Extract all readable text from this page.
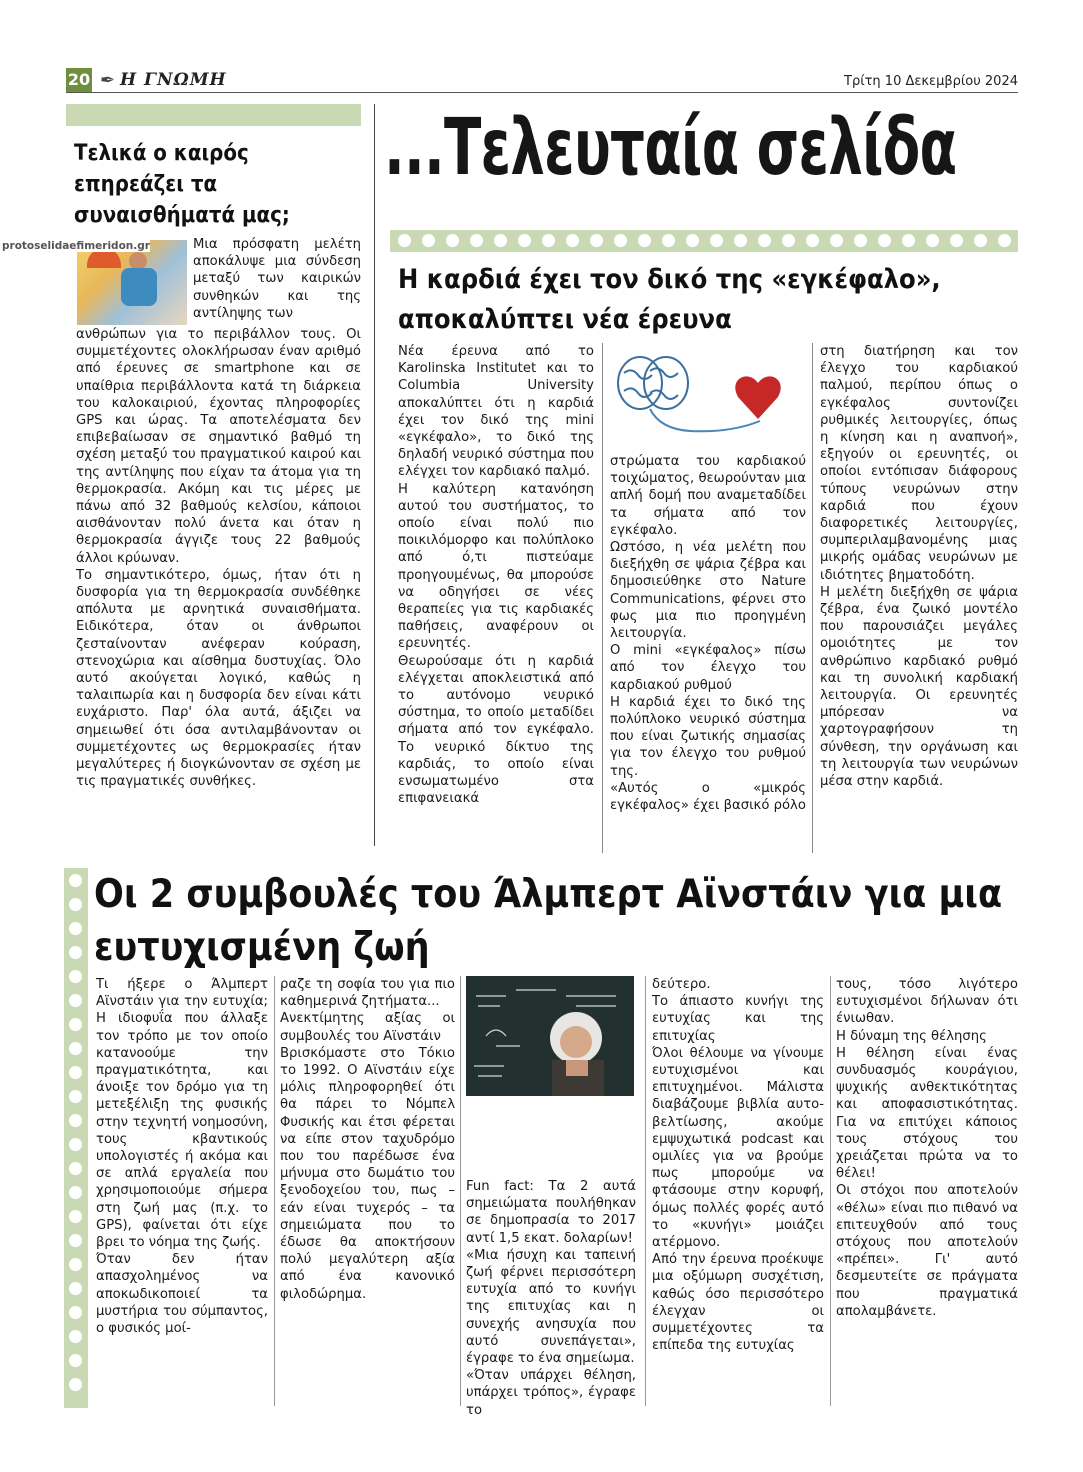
20 ✒ Η ΓΝΩΜΗ	Τρίτη 10 Δεκεμβρίου 2024
Τελικά ο καιρός επηρεάζει τα συναισθήματά μας;
protoselidaefimeridon.gr	Μια πρόσφατη μελέτη αποκάλυψε μια σύνδεση μεταξύ των καιρικών συνθηκών και της αντίληψης των

ανθρώπων για το περιβάλλον τους. Οι συμμετέχοντες ολοκλήρωσαν έναν αριθμό από έρευνες σε smartphone και σε υπαίθρια περιβάλλοντα κατά τη διάρκεια του καλοκαιριού, έχοντας πληροφορίες GPS και ώρας. Τα αποτελέσματα δεν επιβεβαίωσαν σε σημαντικό βαθμό τη σχέση μεταξύ του πραγματικού καιρού και της αντίληψης που είχαν τα άτομα για τη θερμοκρασία. Ακόμη και τις μέρες με πάνω από 32 βαθμούς κελσίου, κάποιοι αισθάνονταν πολύ άνετα και όταν η θερμοκρασία άγγιζε τους 22 βαθμούς άλλοι κρύωναν.

Το σημαντικότερο, όμως, ήταν ότι η δυσφορία για τη θερμοκρασία συνδέθηκε απόλυτα με αρνητικά συναισθήματα. Ειδικότερα, όταν οι άνθρωποι ζεσταίνονταν ανέφεραν κούραση, στενοχώρια και αίσθημα δυστυχίας. Όλο αυτό ακούγεται λογικό, καθώς η ταλαιπωρία και η δυσφορία δεν είναι κάτι ευχάριστο. Παρ' όλα αυτά, άξιζει να σημειωθεί ότι όσα αντιλαμβάνονταν οι συμμετέχοντες ως θερμοκρασίες ήταν μεγαλύτερες ή διογκώνονταν σε σχέση με τις πραγματικές συνθήκες.

...Τελευταία σελίδα
Η καρδιά έχει τον δικό της «εγκέφαλο», αποκαλύπτει νέα έρευνα

Νέα έρευνα από το Karolinska Institutet και το Columbia University αποκαλύπτει ότι η καρδιά έχει τον δικό της mini «εγκέφαλο», το δικό της δηλαδή νευρικό σύστημα που ελέγχει τον καρδιακό παλμό.

Η καλύτερη κατανόηση αυτού του συστήματος, το οποίο είναι πολύ πιο ποικιλόμορφο και πολύπλοκο από ό,τι πιστεύαμε προηγουμένως, θα μπορούσε να οδηγήσει σε νέες θεραπείες για τις καρδιακές παθήσεις, αναφέρουν οι ερευνητές.

Θεωρούσαμε ότι η καρδιά ελέγχεται αποκλειστικά από το αυτόνομο νευρικό σύστημα, το οποίο μεταδίδει σήματα από τον εγκέφαλο. Το νευρικό δίκτυο της καρδιάς, το οποίο είναι ενσωματωμένο στα επιφανειακά

στρώματα του καρδιακού τοιχώματος, θεωρούνταν μια απλή δομή που αναμεταδίδει τα σήματα από τον εγκέφαλο.

Ωστόσο, η νέα μελέτη που διεξήχθη σε ψάρια ζέβρα και δημοσιεύθηκε στο Nature Communications, φέρνει στο φως μια πιο προηγμένη λειτουργία.

Ο mini «εγκέφαλος» πίσω από τον έλεγχο του καρδιακού ρυθμού

Η καρδιά έχει το δικό της πολύπλοκο νευρικό σύστημα που είναι ζωτικής σημασίας για τον έλεγχο του ρυθμού της.

«Αυτός ο «μικρός εγκέφαλος» έχει βασικό ρόλο

στη διατήρηση και τον έλεγχο του καρδιακού παλμού, περίπου όπως ο εγκέφαλος συντονίζει ρυθμικές λειτουργίες, όπως η κίνηση και η αναπνοή», εξηγούν οι ερευνητές, οι οποίοι εντόπισαν διάφορους τύπους νευρώνων στην καρδιά που έχουν διαφορετικές λειτουργίες, συμπεριλαμβανομένης μιας μικρής ομάδας νευρώνων με ιδιότητες βηματοδότη.

Η μελέτη διεξήχθη σε ψάρια ζέβρα, ένα ζωικό μοντέλο που παρουσιάζει μεγάλες ομοιότητες με τον ανθρώπινο καρδιακό ρυθμό και τη συνολική καρδιακή λειτουργία. Οι ερευνητές μπόρεσαν να χαρτογραφήσουν τη σύνθεση, την οργάνωση και τη λειτουργία των νευρώνων μέσα στην καρδιά.

Οι 2 συμβουλές του Άλμπερτ Αϊνστάιν για μια ευτυχισμένη ζωή

Τι ήξερε ο Άλμπερτ Αϊνστάιν για την ευτυχία; Η ιδιοφυΐα που άλλαξε τον τρόπο με τον οποίο κατανοούμε την πραγματικότητα, και άνοιξε τον δρόμο για τη μετεξέλιξη της φυσικής στην τεχνητή νοημοσύνη, τους κβαντικούς υπολογιστές ή ακόμα και σε απλά εργαλεία που χρησιμοποιούμε σήμερα στη ζωή μας (π.χ. το GPS), φαίνεται ότι είχε βρει το νόημα της ζωής.

Όταν δεν ήταν απασχολημένος να αποκωδικοποιεί τα μυστήρια του σύμπαντος, ο φυσικός μοί-

ραζε τη σοφία του για πιο καθημερινά ζητήματα...

Ανεκτίμητης αξίας οι συμβουλές του Αϊνστάιν

Βρισκόμαστε στο Τόκιο το 1992. Ο Αϊνστάιν είχε μόλις πληροφορηθεί ότι θα πάρει το Νόμπελ Φυσικής και έτσι φέρεται να είπε στον ταχυδρόμο που του παρέδωσε ένα μήνυμα στο δωμάτιο του ξενοδοχείου του, πως – εάν είναι τυχερός – τα σημειώματα που το έδωσε θα αποκτήσουν πολύ μεγαλύτερη αξία από ένα κανονικό φιλοδώρημα.

Fun fact: Τα 2 αυτά σημειώματα πουλήθηκαν σε δημοπρασία το 2017 αντί 1,5 εκατ. δολαρίων!

«Μια ήσυχη και ταπεινή ζωή φέρνει περισσότερη ευτυχία από το κυνήγι της επιτυχίας και η συνεχής ανησυχία που αυτό συνεπάγεται», έγραφε το ένα σημείωμα.

«Όταν υπάρχει θέληση, υπάρχει τρόπος», έγραφε το

δεύτερο.

Το άπιαστο κυνήγι της ευτυχίας και της επιτυχίας

Όλοι θέλουμε να γίνουμε ευτυχισμένοι και επιτυχημένοι. Μάλιστα διαβάζουμε βιβλία αυτο-βελτίωσης, ακούμε εμψυχωτικά podcast και ομιλίες για να βρούμε πως μπορούμε να φτάσουμε στην κορυφή, όμως πολλές φορές αυτό το «κυνήγι» μοιάζει ατέρμονο.

Από την έρευνα προέκυψε μια οξύμωρη συσχέτιση, καθώς όσο περισσότερο έλεγχαν οι συμμετέχοντες τα επίπεδα της ευτυχίας

τους, τόσο λιγότερο ευτυχισμένοι δήλωναν ότι ένιωθαν.

Η δύναμη της θέλησης

Η θέληση είναι ένας συνδυασμός κουράγιου, ψυχικής ανθεκτικότητας και αποφασιστικότητας. Για να επιτύχει κάποιος τους στόχους του χρειάζεται πρώτα να το θέλει!

Οι στόχοι που αποτελούν «θέλω» είναι πιο πιθανό να επιτευχθούν από τους στόχους που αποτελούν «πρέπει». Γι' αυτό δεσμευτείτε σε πράγματα που πραγματικά απολαμβάνετε.
